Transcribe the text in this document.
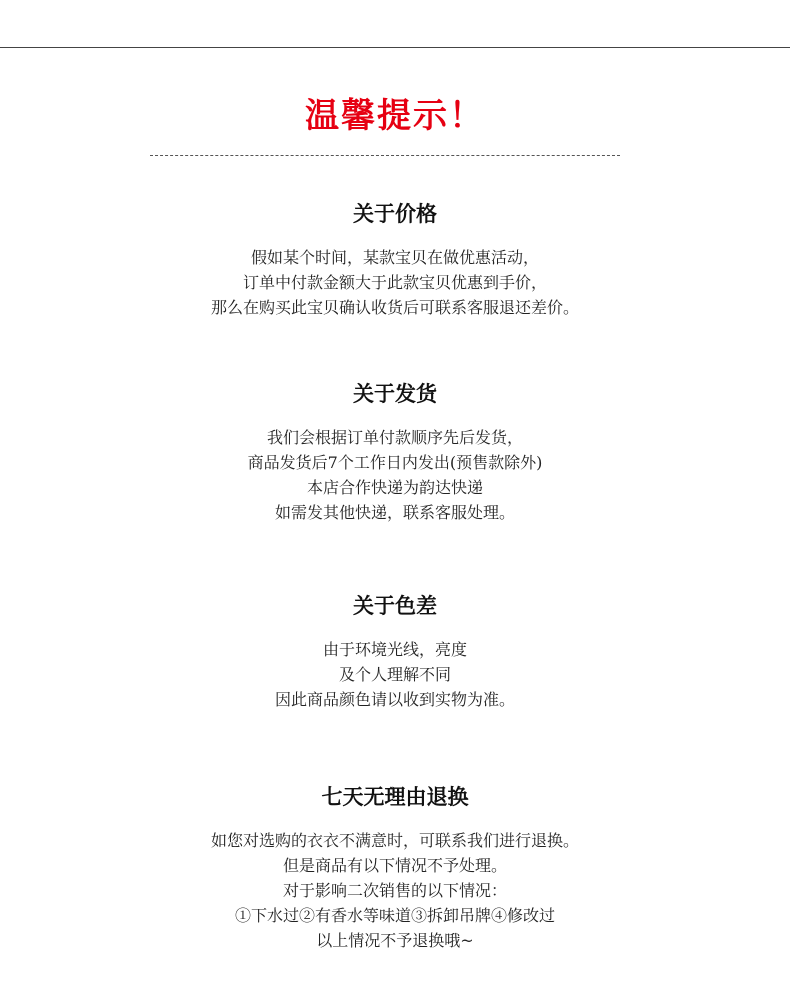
温馨提示！
关于价格
假如某个时间，某款宝贝在做优惠活动，
订单中付款金额大于此款宝贝优惠到手价，
那么在购买此宝贝确认收货后可联系客服退还差价。
关于发货
我们会根据订单付款顺序先后发货，
商品发货后7个工作日内发出(预售款除外)
本店合作快递为韵达快递
如需发其他快递，联系客服处理。
关于色差
由于环境光线，亮度
及个人理解不同
因此商品颜色请以收到实物为准。
七天无理由退换
如您对选购的衣衣不满意时，可联系我们进行退换。
但是商品有以下情况不予处理。
对于影响二次销售的以下情况：
①下水过②有香水等味道③拆卸吊牌④修改过
以上情况不予退换哦~
